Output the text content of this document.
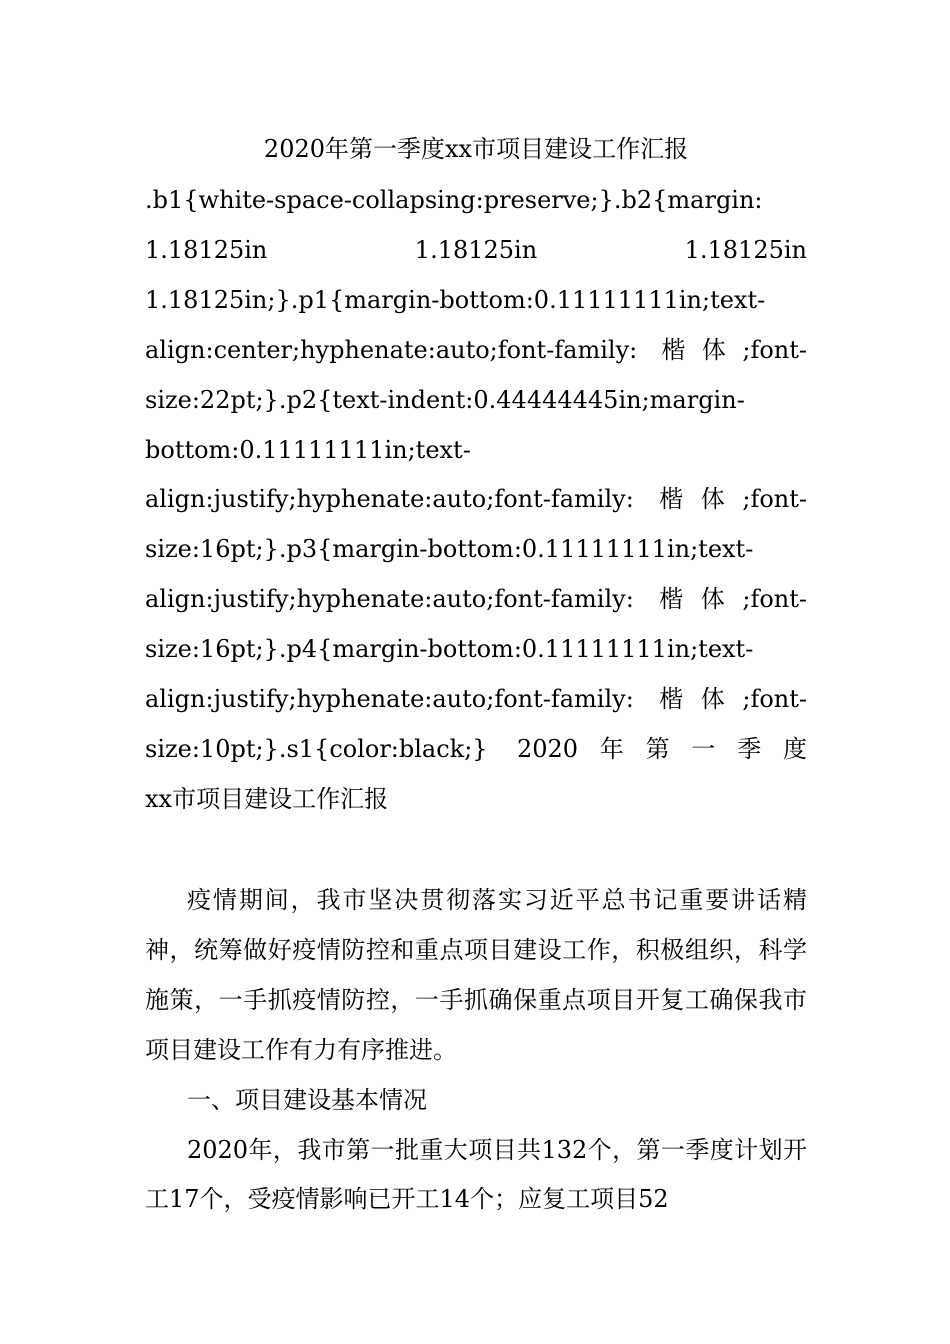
2020年第一季度xx市项目建设工作汇报
.b1{white-space-collapsing:preserve;}.b2{margin:
1.18125in 1.18125in 1.18125in
1.18125in;}.p1{margin-bottom:0.11111111in;text-
align:center;hyphenate:auto;font-family: 楷体;font-
size:22pt;}.p2{text-indent:0.44444445in;margin-
bottom:0.11111111in;text-
align:justify;hyphenate:auto;font-family: 楷体;font-
size:16pt;}.p3{margin-bottom:0.11111111in;text-
align:justify;hyphenate:auto;font-family: 楷体;font-
size:16pt;}.p4{margin-bottom:0.11111111in;text-
align:justify;hyphenate:auto;font-family: 楷体;font-
size:10pt;}.s1{color:black;} 2020年第一季度
xx市项目建设工作汇报

疫情期间，我市坚决贯彻落实习近平总书记重要讲话精神，统筹做好疫情防控和重点项目建设工作，积极组织，科学施策，一手抓疫情防控，一手抓确保重点项目开复工确保我市项目建设工作有力有序推进。

一、项目建设基本情况

2020年，我市第一批重大项目共132个，第一季度计划开工17个，受疫情影响已开工14个；应复工项目52
